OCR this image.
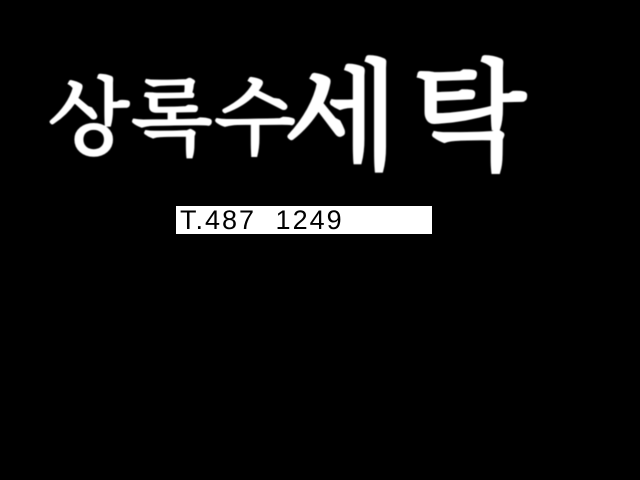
상록수
세탁
T.487 1249
